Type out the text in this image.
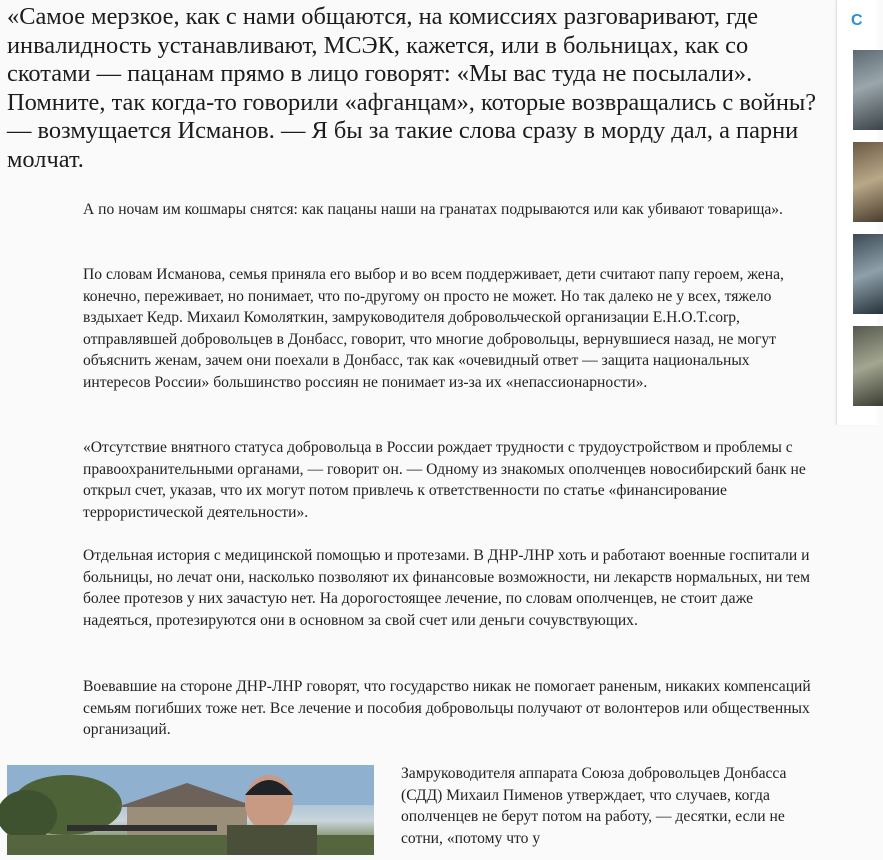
«Самое мерзкое, как с нами общаются, на комиссиях разговаривают, где инвалидность устанавливают, МСЭК, кажется, или в больницах, как со скотами — пацанам прямо в лицо говорят: «Мы вас туда не посылали». Помните, так когда-то говорили «афганцам», которые возвращались с войны? — возмущается Исманов. — Я бы за такие слова сразу в морду дал, а парни молчат.

А по ночам им кошмары снятся: как пацаны наши на гранатах подрываются или как убивают товарища».

По словам Исманова, семья приняла его выбор и во всем поддерживает, дети считают папу героем, жена, конечно, переживает, но понимает, что по-другому он просто не может. Но так далеко не у всех, тяжело вздыхает Кедр. Михаил Комоляткин, замруководителя добровольческой организации Е.Н.О.Т.corp, отправлявшей добровольцев в Донбасс, говорит, что многие добровольцы, вернувшиеся назад, не могут объяснить женам, зачем они поехали в Донбасс, так как «очевидный ответ — защита национальных интересов России» большинство россиян не понимает из-за их «непассионарности».

«Отсутствие внятного статуса добровольца в России рождает трудности с трудоустройством и проблемы с правоохранительными органами, — говорит он. — Одному из знакомых ополченцев новосибирский банк не открыл счет, указав, что их могут потом привлечь к ответственности по статье «финансирование террористической деятельности».

Отдельная история с медицинской помощью и протезами. В ДНР-ЛНР хоть и работают военные госпитали и больницы, но лечат они, насколько позволяют их финансовые возможности, ни лекарств нормальных, ни тем более протезов у них зачастую нет. На дорогостоящее лечение, по словам ополченцев, не стоит даже надеяться, протезируются они в основном за свой счет или деньги сочувствующих.

Воевавшие на стороне ДНР-ЛНР говорят, что государство никак не помогает раненым, никаких компенсаций семьям погибших тоже нет. Все лечение и пособия добровольцы получают от волонтеров или общественных организаций.

Замруководителя аппарата Союза добровольцев Донбасса (СДД) Михаил Пименов утверждает, что случаев, когда ополченцев не берут потом на работу, — десятки, если не сотни, «потому что у

С
